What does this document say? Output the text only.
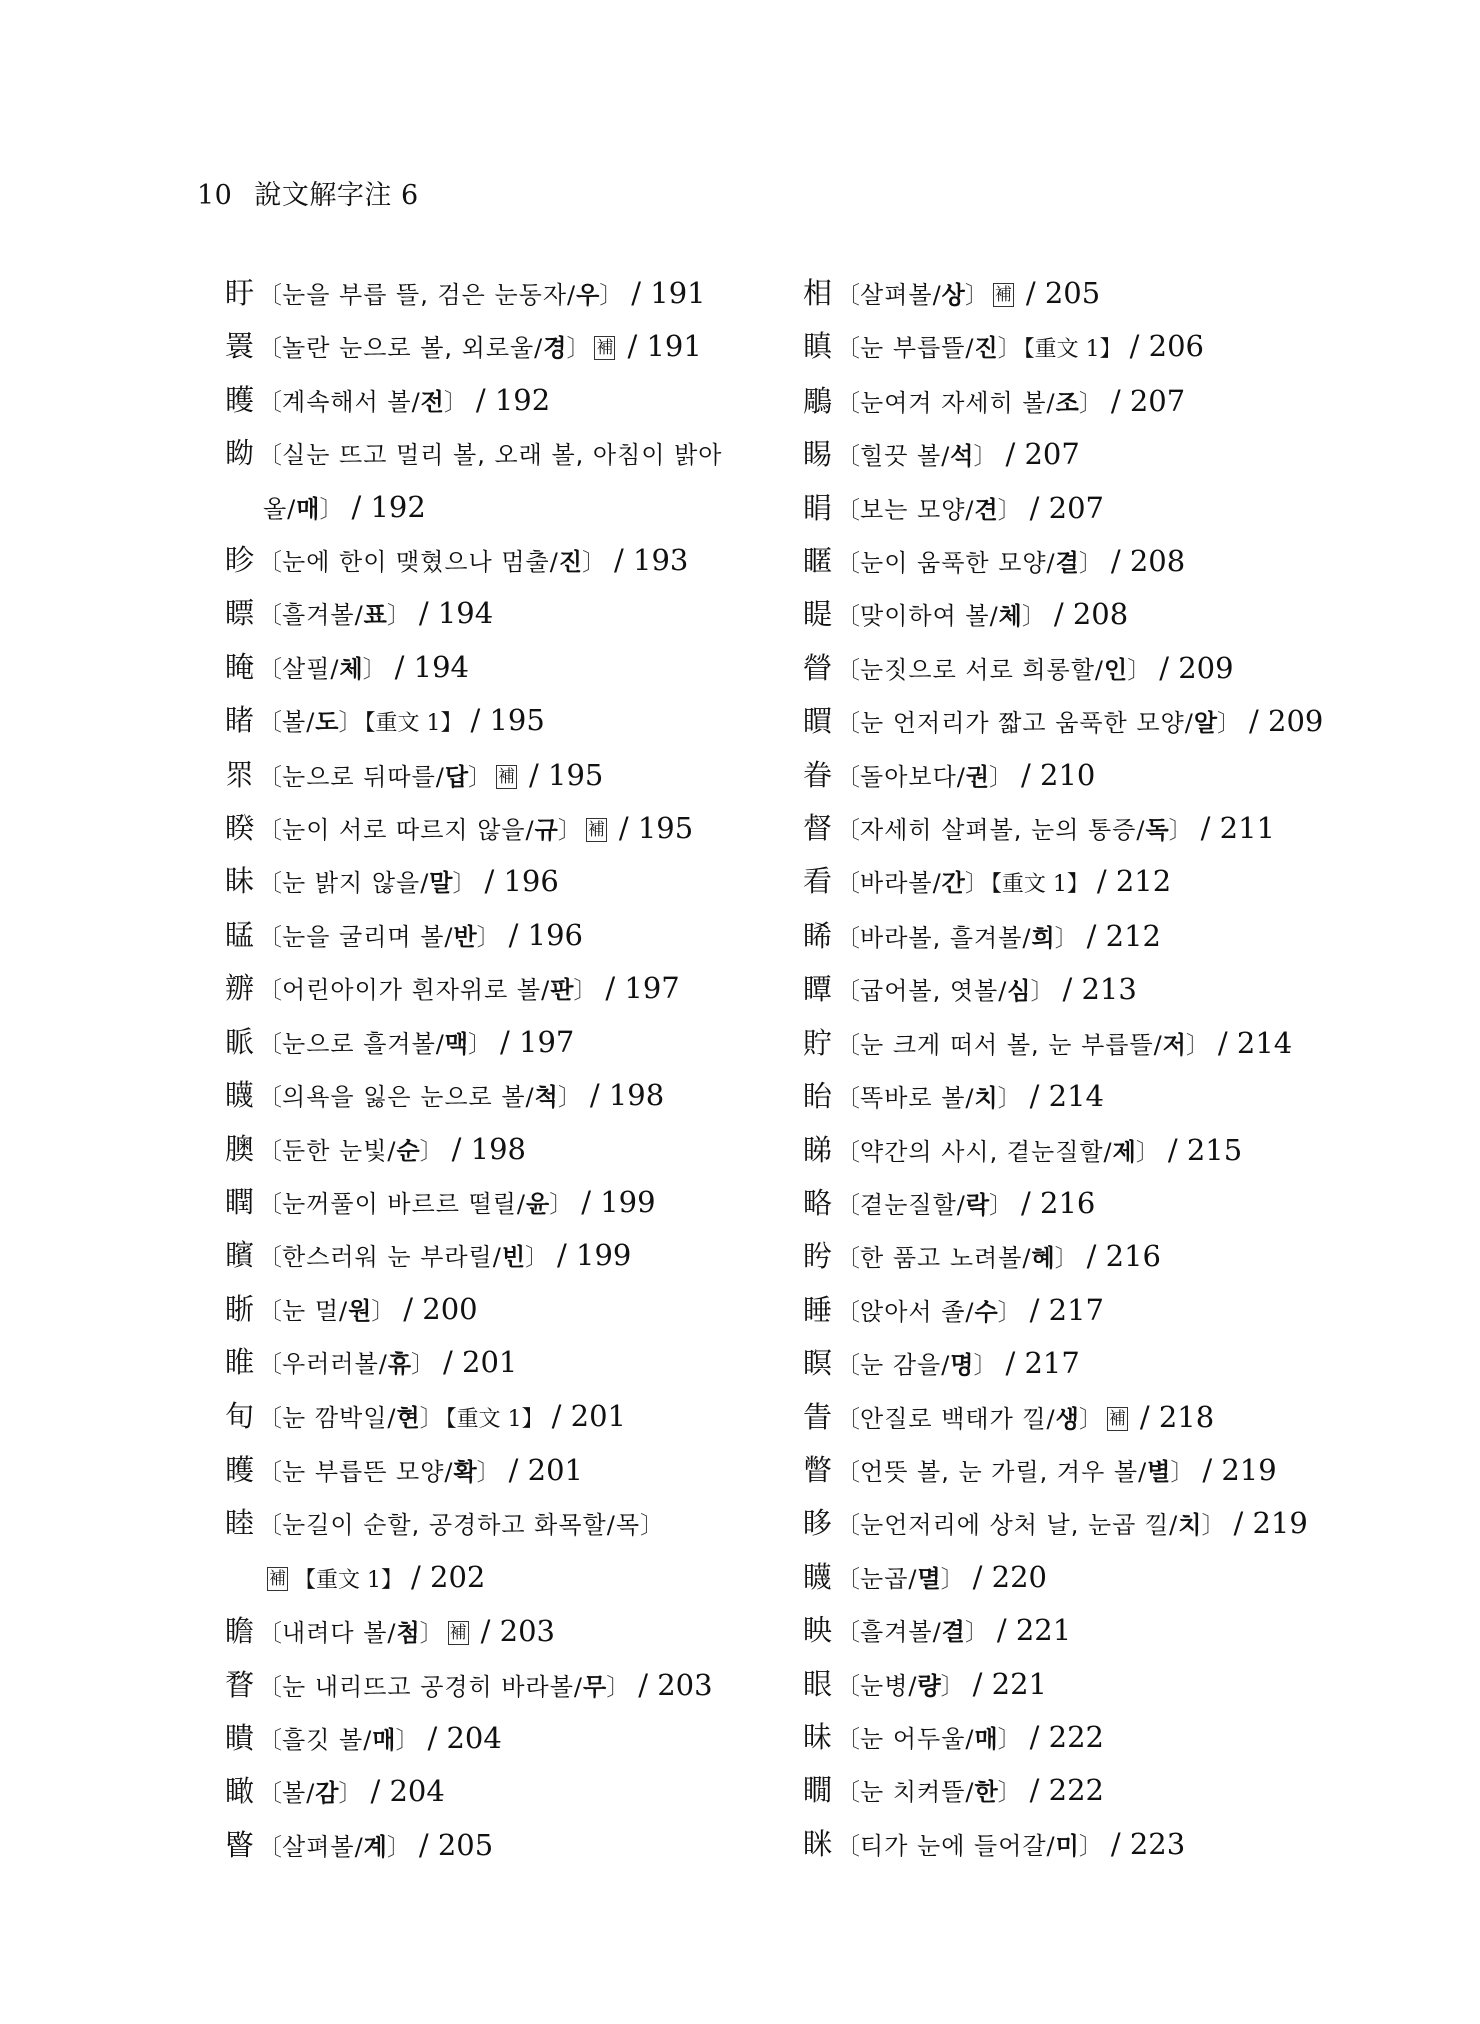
10 說文解字注 6
盱 〔눈을 부릅 뜰, 검은 눈동자/우〕 / 191
瞏 〔놀란 눈으로 볼, 외로울/경〕 補 / 191
矆 〔계속해서 볼/전〕 / 192
眑 〔실눈 뜨고 멀리 볼, 오래 볼, 아침이 밝아
올/매〕 / 192
眕 〔눈에 한이 맺혔으나 멈출/진〕 / 193
瞟 〔흘겨볼/표〕 / 194
䁆 〔살필/체〕 / 194
睹 〔볼/도〕【重文 1】 / 195
眔 〔눈으로 뒤따를/답〕 補 / 195
睽 〔눈이 서로 따르지 않을/규〕 補 / 195
眛 〔눈 밝지 않을/말〕 / 196
䁅 〔눈을 굴리며 볼/반〕 / 196
辧 〔어린아이가 흰자위로 볼/판〕 / 197
眽 〔눈으로 흘겨볼/맥〕 / 197
䁾 〔의욕을 잃은 눈으로 볼/척〕 / 198
䐿 〔둔한 눈빛/순〕 / 198
瞤 〔눈꺼풀이 바르르 떨릴/윤〕 / 199
矉 〔한스러워 눈 부라릴/빈〕 / 199
䀿 〔눈 멀/원〕 / 200
睢 〔우러러볼/휴〕 / 201
旬 〔눈 깜박일/현〕【重文 1】 / 201
矆 〔눈 부릅뜬 모양/확〕 / 201
睦 〔눈길이 순할, 공경하고 화목할/목〕
補 【重文 1】 / 202
瞻 〔내려다 볼/첨〕 補 / 203
瞀 〔눈 내리뜨고 공경히 바라볼/무〕 / 203
瞶 〔흘깃 볼/매〕 / 204
瞰 〔볼/감〕 / 204
睯 〔살펴볼/계〕 / 205
相 〔살펴볼/상〕 補 / 205
瞋 〔눈 부릅뜰/진〕【重文 1】 / 206
鵰 〔눈여겨 자세히 볼/조〕 / 207
睗 〔힐끗 볼/석〕 / 207
睊 〔보는 모양/견〕 / 207
䁥 〔눈이 움푹한 모양/결〕 / 208
睼 〔맞이하여 볼/체〕 / 208
䁝 〔눈짓으로 서로 희롱할/인〕 / 209
䁲 〔눈 언저리가 짧고 움푹한 모양/알〕 / 209
眷 〔돌아보다/권〕 / 210
督 〔자세히 살펴볼, 눈의 통증/독〕 / 211
看 〔바라볼/간〕【重文 1】 / 212
睎 〔바라볼, 흘겨볼/희〕 / 212
瞫 〔굽어볼, 엿볼/심〕 / 213
貯 〔눈 크게 떠서 볼, 눈 부릅뜰/저〕 / 214
眙 〔똑바로 볼/치〕 / 214
睇 〔약간의 사시, 곁눈질할/제〕 / 215
略 〔곁눈질할/락〕 / 216
盻 〔한 품고 노려볼/혜〕 / 216
睡 〔앉아서 졸/수〕 / 217
瞑 〔눈 감을/명〕 / 217
眚 〔안질로 백태가 낄/생〕 補 / 218
瞥 〔언뜻 볼, 눈 가릴, 겨우 볼/별〕 / 219
眵 〔눈언저리에 상처 날, 눈곱 낄/치〕 / 219
䁾 〔눈곱/멸〕 / 220
眏 〔흘겨볼/결〕 / 221
眼 〔눈병/량〕 / 221
昧 〔눈 어두울/매〕 / 222
瞯 〔눈 치켜뜰/한〕 / 222
眯 〔티가 눈에 들어갈/미〕 / 223
